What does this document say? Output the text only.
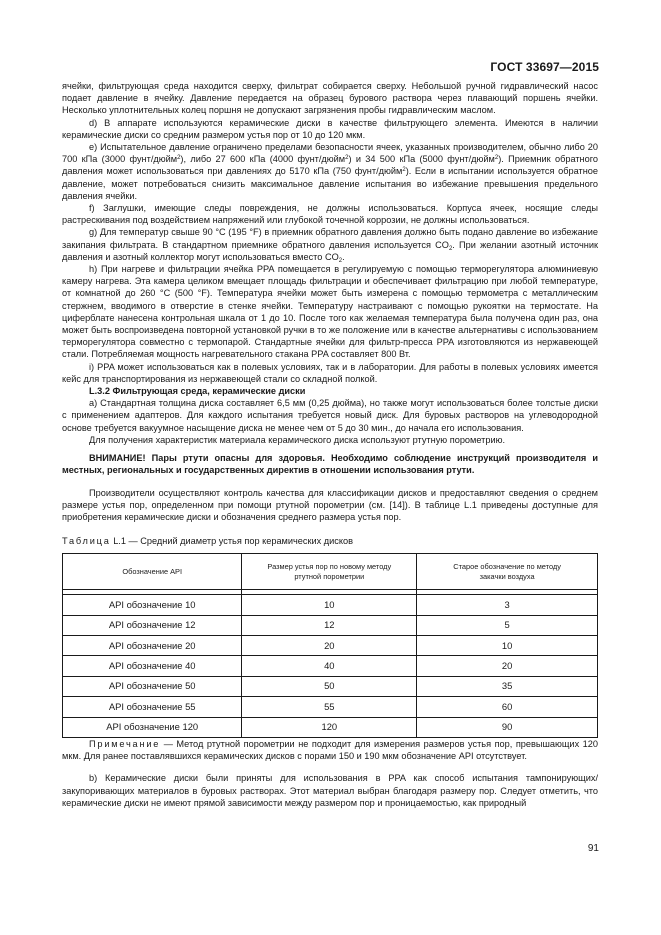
ГОСТ 33697—2015

ячейки, фильтрующая среда находится сверху, фильтрат собирается сверху. Небольшой ручной гидравлический насос подает давление в ячейку. Давление передается на образец бурового раствора через плавающий поршень ячейки. Несколько уплотнительных колец поршня не допускают загрязнения пробы гидравлическим маслом.

d) В аппарате используются керамические диски в качестве фильтрующего элемента. Имеются в наличии керамические диски со средним размером устья пор от 10 до 120 мкм.

e) Испытательное давление ограничено пределами безопасности ячеек, указанных производителем, обычно либо 20 700 кПа (3000 фунт/дюйм$^2$), либо 27 600 кПа (4000 фунт/дюйм$^2$) и 34 500 кПа (5000 фунт/дюйм$^2$). Приемник обратного давления может использоваться при давлениях до 5170 кПа (750 фунт/дюйм$^2$). Если в испытании используется обратное давление, может потребоваться снизить максимальное давление испытания во избежание превышения предельного давления ячейки.

f) Заглушки, имеющие следы повреждения, не должны использоваться. Корпуса ячеек, носящие следы растрескивания под воздействием напряжений или глубокой точечной коррозии, не должны использоваться.

g) Для температур свыше 90 °С (195 °F) в приемник обратного давления должно быть подано давление во избежание закипания фильтрата. В стандартном приемнике обратного давления используется $CO_2$. При желании азотный источник давления и азотный коллектор могут использоваться вместо $CO_2$.

h) При нагреве и фильтрации ячейка PPA помещается в регулируемую с помощью терморегулятора алюминиевую камеру нагрева. Эта камера целиком вмещает площадь фильтрации и обеспечивает фильтрацию при любой температуре, от комнатной до 260 °С (500 °F). Температура ячейки может быть измерена с помощью термометра с металлическим стержнем, вводимого в отверстие в стенке ячейки. Температуру настраивают с помощью рукоятки на термостате. На циферблате нанесена контрольная шкала от 1 до 10. После того как желаемая температура была получена один раз, она может быть воспроизведена повторной установкой ручки в то же положение или в качестве альтернативы с использованием терморегулятора совместно с термопарой. Стандартные ячейки для фильтр-пресса PPA изготовляются из нержавеющей стали. Потребляемая мощность нагревательного стакана PPA составляет 800 Вт.

i) PPA может использоваться как в полевых условиях, так и в лаборатории. Для работы в полевых условиях имеется кейс для транспортирования из нержавеющей стали со складной полкой.

L.3.2 Фильтрующая среда, керамические диски

а) Стандартная толщина диска составляет 6,5 мм (0,25 дюйма), но также могут использоваться более толстые диски с применением адаптеров. Для каждого испытания требуется новый диск. Для буровых растворов на углеводородной основе требуется вакуумное насыщение диска не менее чем от 5 до 30 мин., до начала его использования.

Для получения характеристик материала керамического диска используют ртутную порометрию.

ВНИМАНИЕ! Пары ртути опасны для здоровья. Необходимо соблюдение инструкций производителя и местных, региональных и государственных директив в отношении использования ртути.

Производители осуществляют контроль качества для классификации дисков и предоставляют сведения о среднем размере устья пор, определенном при помощи ртутной порометрии (см. [14]). В таблице L.1 приведены доступные для приобретения керамические диски и обозначения среднего размера устья пор.

Таблица L.1 — Средний диаметр устья пор керамических дисков
Обозначение API	Размер устья пор по новому методу ртутной порометрии	Старое обозначение по методу закачки воздуха

API обозначение 10	10	3
API обозначение 12	12	5
API обозначение 20	20	10
API обозначение 40	40	20
API обозначение 50	50	35
API обозначение 55	55	60
API обозначение 120	120	90

Примечание — Метод ртутной порометрии не подходит для измерения размеров устья пор, превышающих 120 мкм. Для ранее поставлявшихся керамических дисков с порами 150 и 190 мкм обозначение API отсутствует.

b) Керамические диски были приняты для использования в PPA как способ испытания тампонирующих/закупоривающих материалов в буровых растворах. Этот материал выбран благодаря размеру пор. Следует отметить, что керамические диски не имеют прямой зависимости между размером пор и проницаемостью, как природный

91
